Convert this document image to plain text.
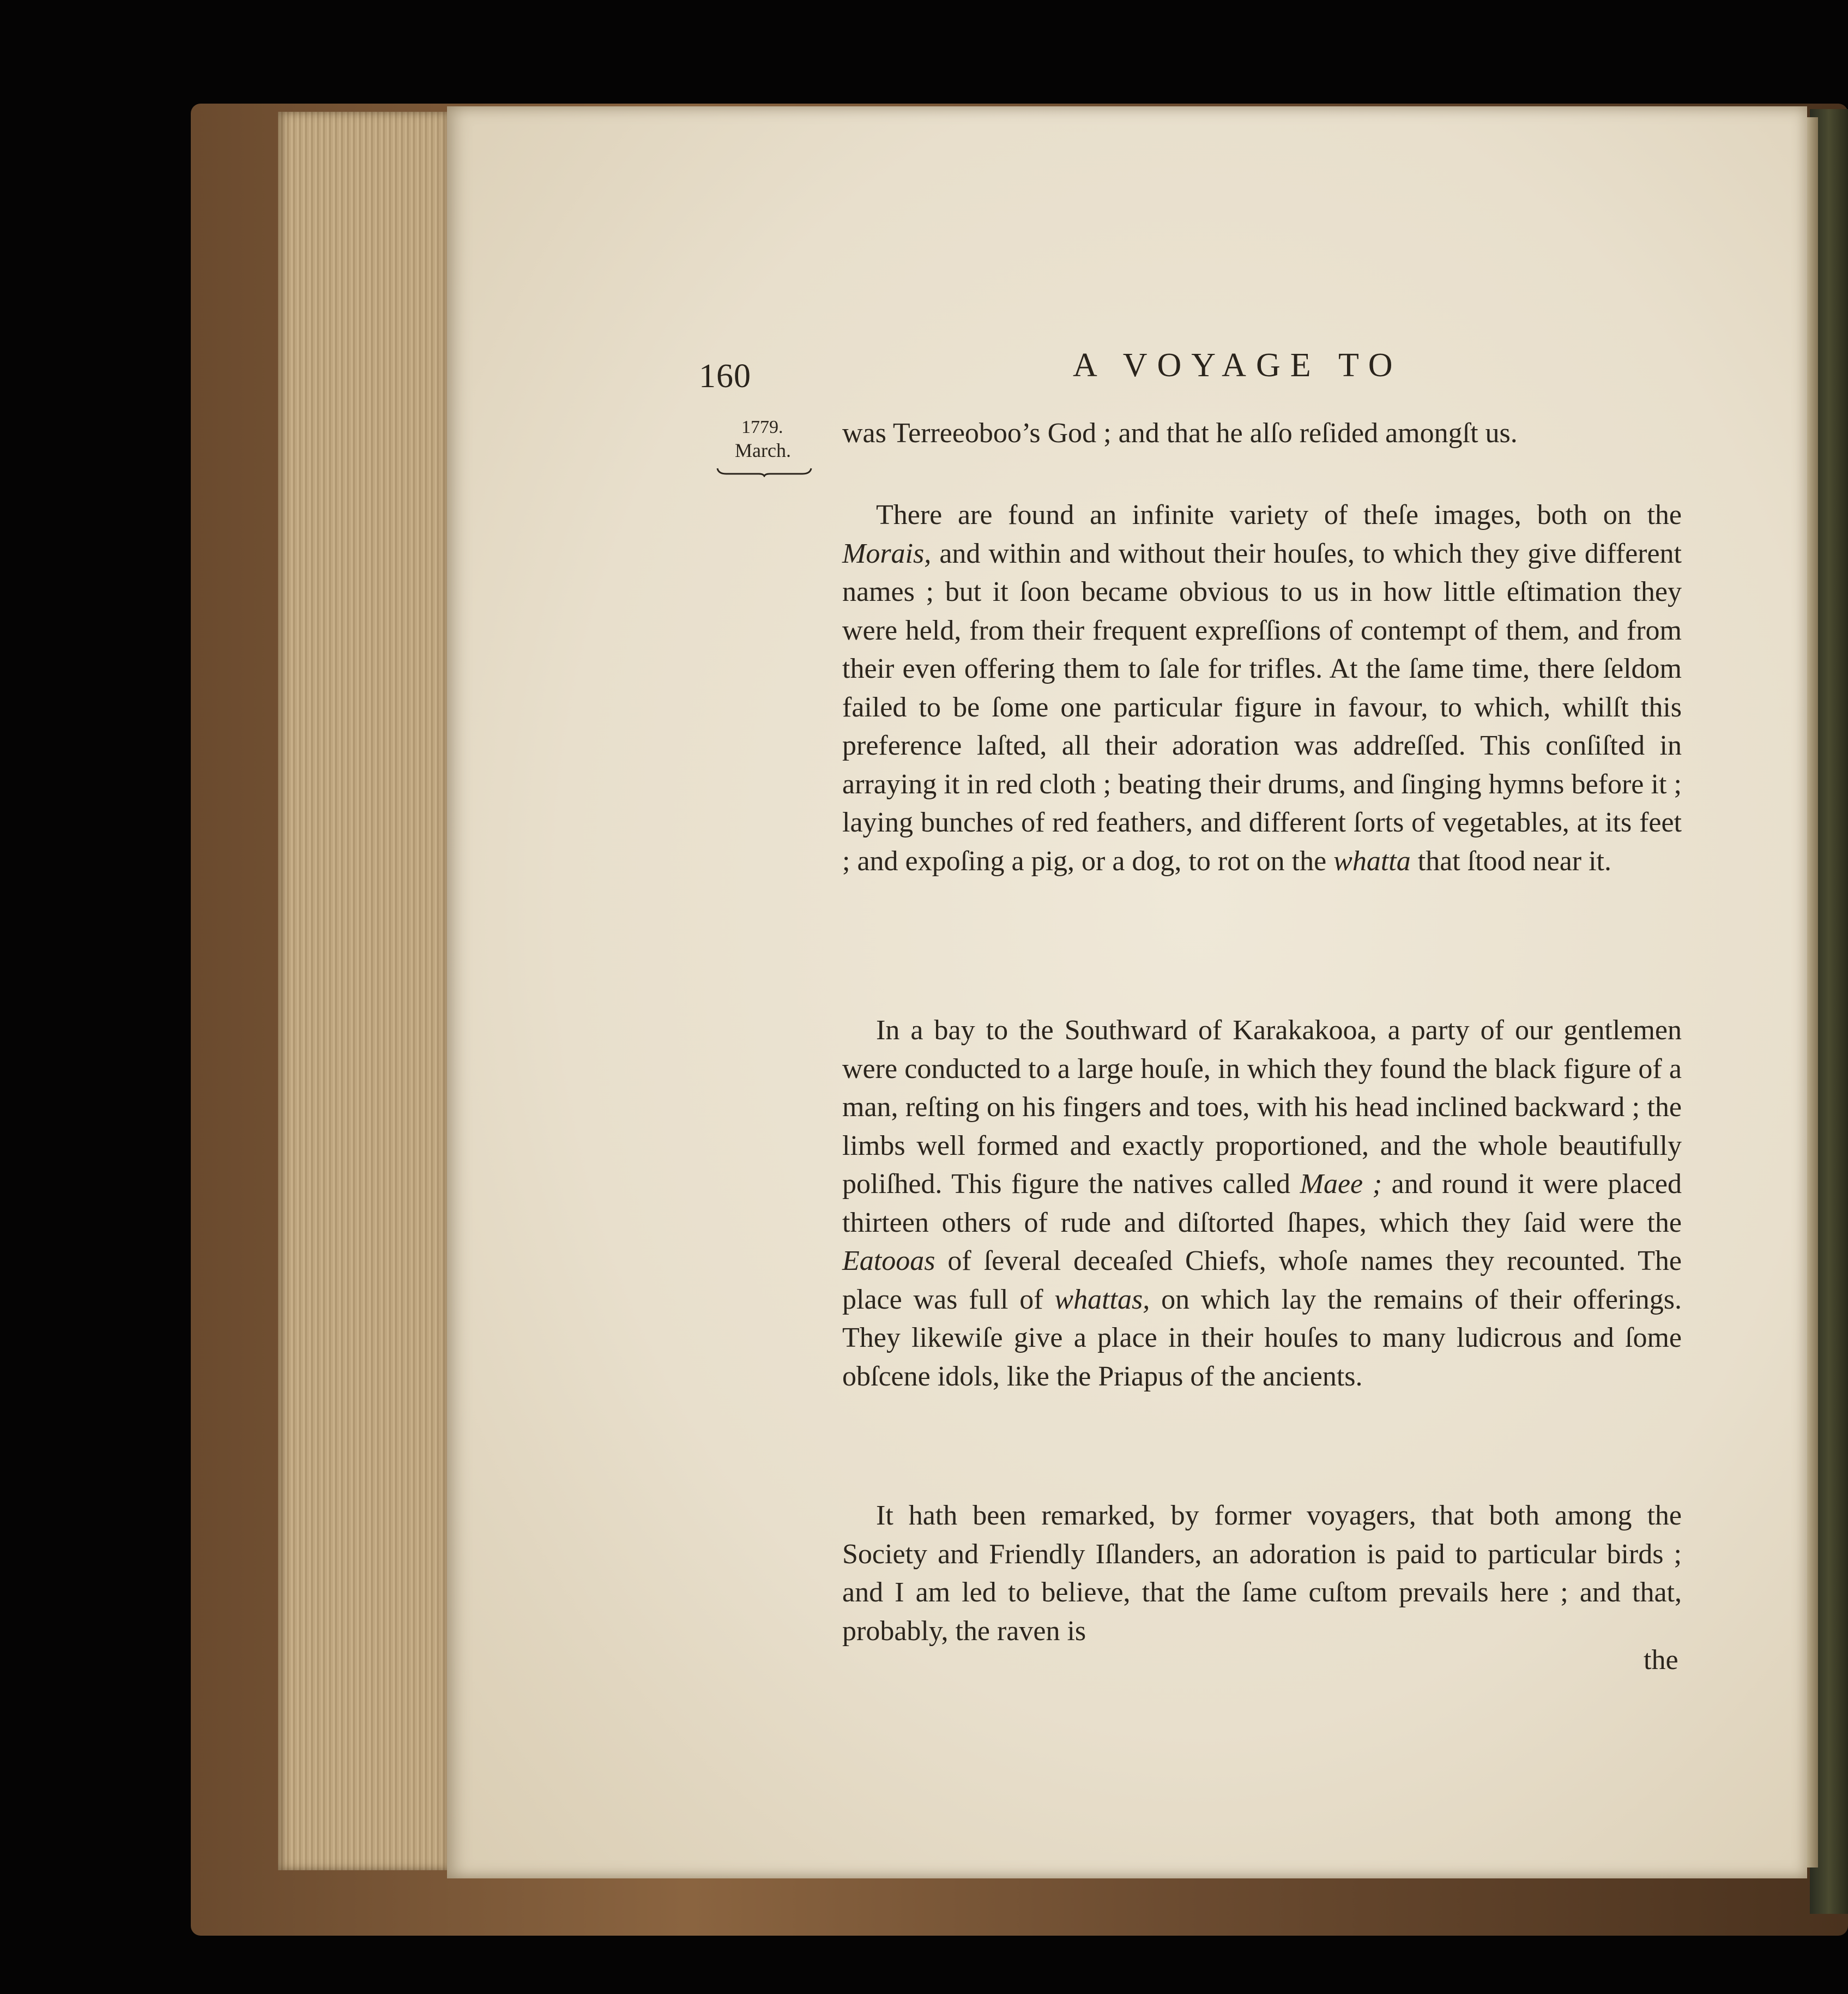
160	A VOYAGE TO
1779.
March.

was Terreeoboo’s God ; and that he alſo reſided amongſt us.

There are found an infinite variety of theſe images, both on the Morais, and within and without their houſes, to which they give different names ; but it ſoon became obvious to us in how little eſtimation they were held, from their frequent expreſſions of contempt of them, and from their even offering them to ſale for trifles. At the ſame time, there ſeldom failed to be ſome one particular figure in favour, to which, whilſt this preference laſted, all their adoration was addreſſed. This conſiſted in arraying it in red cloth ; beating their drums, and ſinging hymns before it ; laying bunches of red feathers, and different ſorts of vegetables, at its feet ; and expoſing a pig, or a dog, to rot on the whatta that ſtood near it.

In a bay to the Southward of Karakakooa, a party of our gentlemen were conducted to a large houſe, in which they found the black figure of a man, reſting on his fingers and toes, with his head inclined backward ; the limbs well formed and exactly proportioned, and the whole beautifully poliſhed. This figure the natives called Maee ; and round it were placed thirteen others of rude and diſtorted ſhapes, which they ſaid were the Eatooas of ſeveral deceaſed Chiefs, whoſe names they recounted. The place was full of whattas, on which lay the remains of their offerings. They likewiſe give a place in their houſes to many ludicrous and ſome obſcene idols, like the Priapus of the ancients.

It hath been remarked, by former voyagers, that both among the Society and Friendly Iſlanders, an adoration is paid to particular birds ; and I am led to believe, that the ſame cuſtom prevails here ; and that, probably, the raven is

the
